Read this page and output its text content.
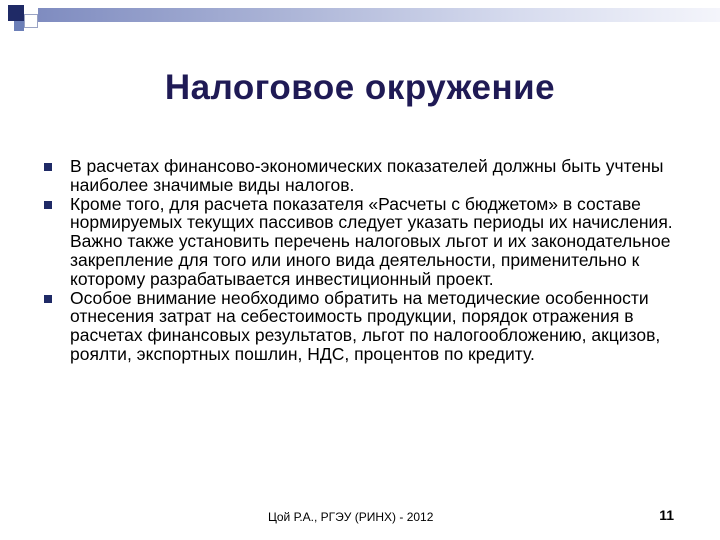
Налоговое окружение
В расчетах финансово-экономических показателей должны быть учтены наиболее значимые виды налогов.
Кроме того, для расчета показателя «Расчеты с бюджетом» в составе нормируемых текущих пассивов следует указать периоды их начисления. Важно также установить перечень налоговых льгот и их законодательное закрепление для того или иного вида деятельности, применительно к которому разрабатывается инвестиционный проект.
Особое внимание необходимо обратить на методические особенности отнесения затрат на себестоимость продукции, порядок отражения в расчетах финансовых результатов, льгот по налогообложению, акцизов, роялти, экспортных пошлин, НДС, процентов по кредиту.
Цой Р.А., РГЭУ (РИНХ) - 2012	11
